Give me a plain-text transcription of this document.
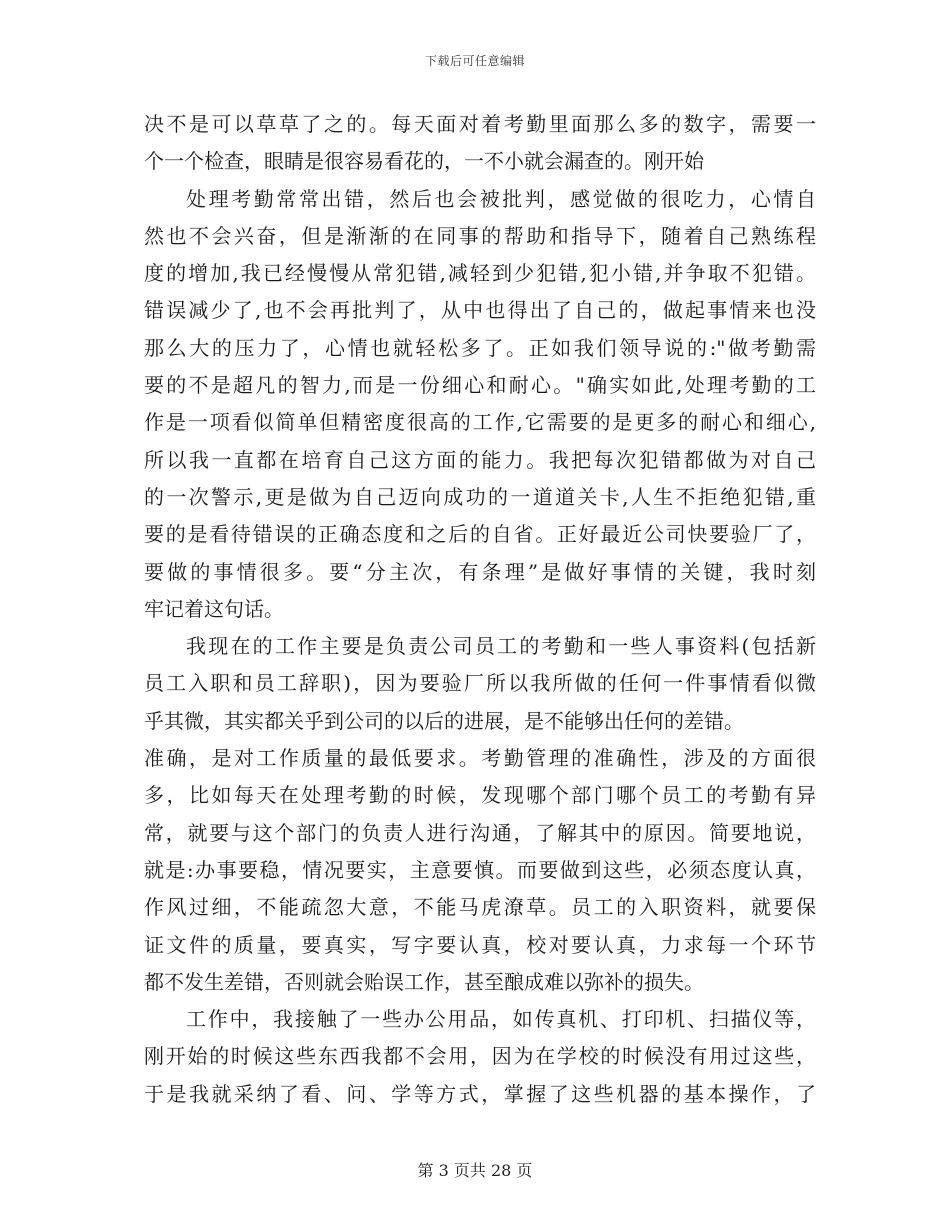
下载后可任意编辑
决不是可以草草了之的。每天面对着考勤里面那么多的数字，需要一
个一个检查，眼睛是很容易看花的，一不小就会漏查的。刚开始
处理考勤常常出错，然后也会被批判，感觉做的很吃力，心情自
然也不会兴奋，但是渐渐的在同事的帮助和指导下，随着自己熟练程
度的增加,我已经慢慢从常犯错,减轻到少犯错,犯小错,并争取不犯错。
错误减少了,也不会再批判了，从中也得出了自己的，做起事情来也没
那么大的压力了，心情也就轻松多了。正如我们领导说的:"做考勤需
要的不是超凡的智力,而是一份细心和耐心。"确实如此,处理考勤的工
作是一项看似简单但精密度很高的工作,它需要的是更多的耐心和细心,
所以我一直都在培育自己这方面的能力。我把每次犯错都做为对自己
的一次警示,更是做为自己迈向成功的一道道关卡,人生不拒绝犯错,重
要的是看待错误的正确态度和之后的自省。正好最近公司快要验厂了，
要做的事情很多。要“分主次，有条理”是做好事情的关键，我时刻
牢记着这句话。
我现在的工作主要是负责公司员工的考勤和一些人事资料(包括新
员工入职和员工辞职)，因为要验厂所以我所做的任何一件事情看似微
乎其微，其实都关乎到公司的以后的进展，是不能够出任何的差错。
准确，是对工作质量的最低要求。考勤管理的准确性，涉及的方面很
多，比如每天在处理考勤的时候，发现哪个部门哪个员工的考勤有异
常，就要与这个部门的负责人进行沟通，了解其中的原因。简要地说，
就是:办事要稳，情况要实，主意要慎。而要做到这些，必须态度认真，
作风过细，不能疏忽大意，不能马虎潦草。员工的入职资料，就要保
证文件的质量，要真实，写字要认真，校对要认真，力求每一个环节
都不发生差错，否则就会贻误工作，甚至酿成难以弥补的损失。
工作中，我接触了一些办公用品，如传真机、打印机、扫描仪等，
刚开始的时候这些东西我都不会用，因为在学校的时候没有用过这些，
于是我就采纳了看、问、学等方式，掌握了这些机器的基本操作，了
第 3 页共 28 页
